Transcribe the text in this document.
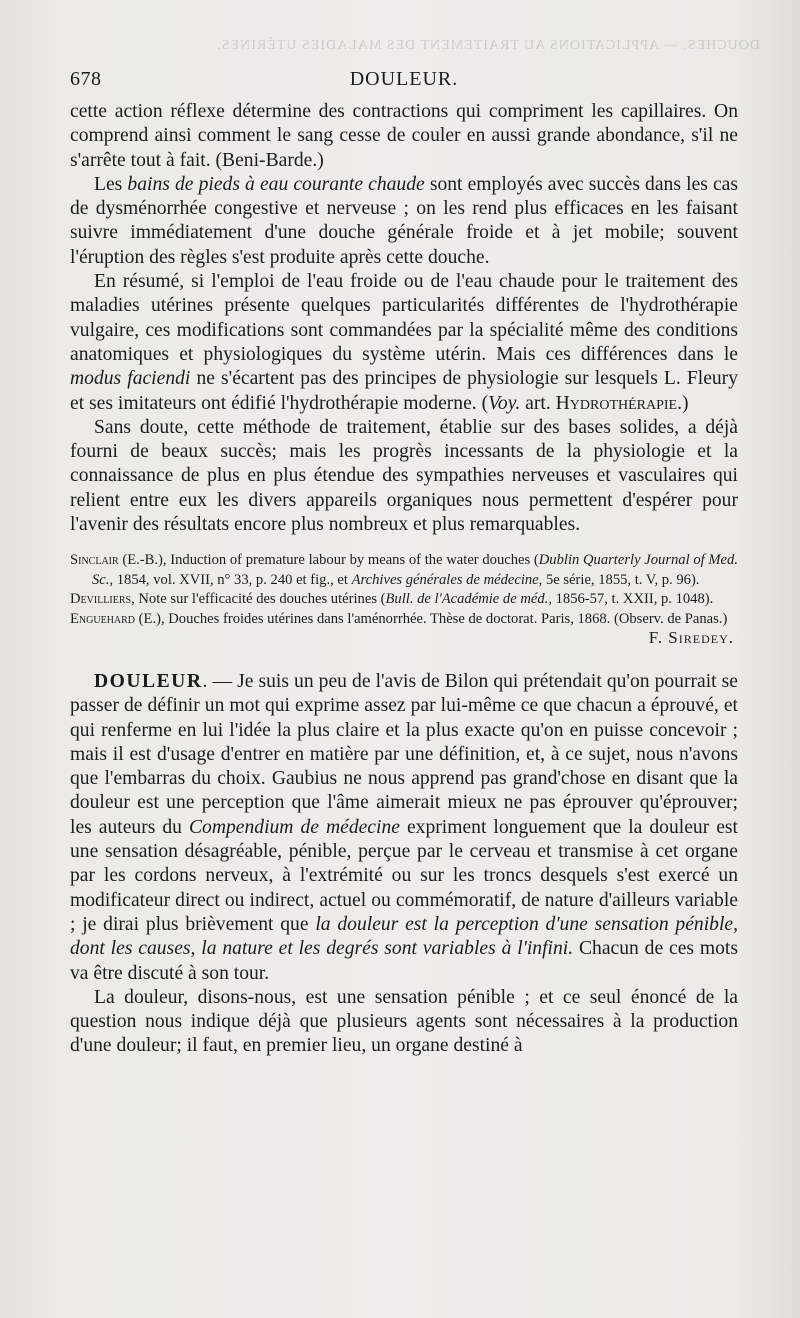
DOUCHES. — APPLICATIONS AU TRAITEMENT DES MALADIES UTÉRINES.
678	DOULEUR.

cette action réflexe détermine des contractions qui compriment les capillaires. On comprend ainsi comment le sang cesse de couler en aussi grande abondance, s'il ne s'arrête tout à fait. (Beni-Barde.)

Les bains de pieds à eau courante chaude sont employés avec succès dans les cas de dysménorrhée congestive et nerveuse ; on les rend plus efficaces en les faisant suivre immédiatement d'une douche générale froide et à jet mobile; souvent l'éruption des règles s'est produite après cette douche.

En résumé, si l'emploi de l'eau froide ou de l'eau chaude pour le traitement des maladies utérines présente quelques particularités différentes de l'hydrothérapie vulgaire, ces modifications sont commandées par la spécialité même des conditions anatomiques et physiologiques du système utérin. Mais ces différences dans le modus faciendi ne s'écartent pas des principes de physiologie sur lesquels L. Fleury et ses imitateurs ont édifié l'hydrothérapie moderne. (Voy. art. Hydrothérapie.)

Sans doute, cette méthode de traitement, établie sur des bases solides, a déjà fourni de beaux succès; mais les progrès incessants de la physiologie et la connaissance de plus en plus étendue des sympathies nerveuses et vasculaires qui relient entre eux les divers appareils organiques nous permettent d'espérer pour l'avenir des résultats encore plus nombreux et plus remarquables.

Sinclair (E.-B.), Induction of premature labour by means of the water douches (Dublin Quarterly Journal of Med. Sc., 1854, vol. XVII, n° 33, p. 240 et fig., et Archives générales de médecine, 5e série, 1855, t. V, p. 96).

Devilliers, Note sur l'efficacité des douches utérines (Bull. de l'Académie de méd., 1856-57, t. XXII, p. 1048).

Enguehard (E.), Douches froides utérines dans l'aménorrhée. Thèse de doctorat. Paris, 1868. (Observ. de Panas.)

F. Siredey.

DOULEUR. — Je suis un peu de l'avis de Bilon qui prétendait qu'on pourrait se passer de définir un mot qui exprime assez par lui-même ce que chacun a éprouvé, et qui renferme en lui l'idée la plus claire et la plus exacte qu'on en puisse concevoir ; mais il est d'usage d'entrer en matière par une définition, et, à ce sujet, nous n'avons que l'embarras du choix. Gaubius ne nous apprend pas grand'chose en disant que la douleur est une perception que l'âme aimerait mieux ne pas éprouver qu'éprouver; les auteurs du Compendium de médecine expriment longuement que la douleur est une sensation désagréable, pénible, perçue par le cerveau et transmise à cet organe par les cordons nerveux, à l'extrémité ou sur les troncs desquels s'est exercé un modificateur direct ou indirect, actuel ou commémoratif, de nature d'ailleurs variable ; je dirai plus brièvement que la douleur est la perception d'une sensation pénible, dont les causes, la nature et les degrés sont variables à l'infini. Chacun de ces mots va être discuté à son tour.

La douleur, disons-nous, est une sensation pénible ; et ce seul énoncé de la question nous indique déjà que plusieurs agents sont nécessaires à la production d'une douleur; il faut, en premier lieu, un organe destiné à
